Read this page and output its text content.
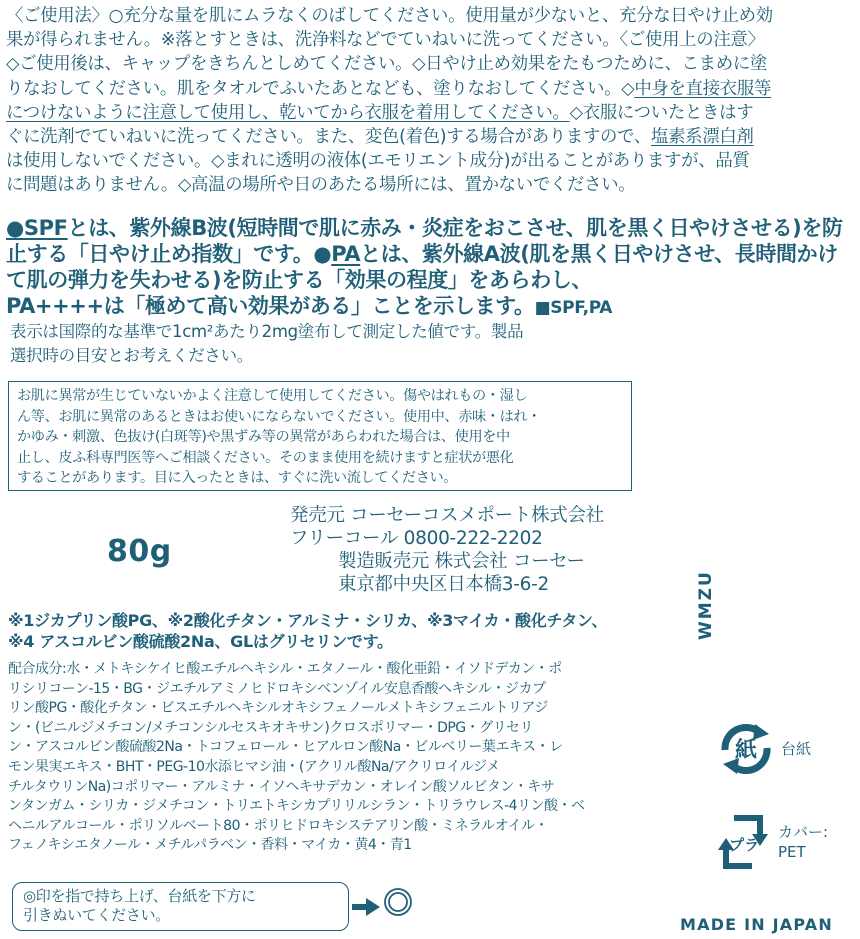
〈ご使用法〉○充分な量を肌にムラなくのばしてください。使用量が少ないと、充分な日やけ止め効
果が得られません。※落とすときは、洗浄料などでていねいに洗ってください。〈ご使用上の注意〉
◇ご使用後は、キャップをきちんとしめてください。◇日やけ止め効果をたもつために、こまめに塗
りなおしてください。肌をタオルでふいたあとなども、塗りなおしてください。◇中身を直接衣服等
につけないように注意して使用し、乾いてから衣服を着用してください。◇衣服についたときはす
ぐに洗剤でていねいに洗ってください。また、変色(着色)する場合がありますので、塩素系漂白剤
は使用しないでください。◇まれに透明の液体(エモリエント成分)が出ることがありますが、品質
に問題はありません。◇高温の場所や日のあたる場所には、置かないでください。
●SPFとは、紫外線B波(短時間で肌に赤み・炎症をおこさせ、肌を黒く日やけさせる)を防
止する「日やけ止め指数」です。●PAとは、紫外線A波(肌を黒く日やけさせ、長時間かけ
て肌の弾力を失わせる)を防止する「効果の程度」をあらわし、
PA++++は「極めて高い効果がある」ことを示します。■SPF,PA
表示は国際的な基準で1cm²あたり2mg塗布して測定した値です。製品
選択時の目安とお考えください。
お肌に異常が生じていないかよく注意して使用してください。傷やはれもの・湿し
ん等、お肌に異常のあるときはお使いにならないでください。使用中、赤味・はれ・
かゆみ・刺激、色抜け(白斑等)や黒ずみ等の異常があらわれた場合は、使用を中
止し、皮ふ科専門医等へご相談ください。そのまま使用を続けますと症状が悪化
することがあります。目に入ったときは、すぐに洗い流してください。
80g
発売元 コーセーコスメポート株式会社
フリーコール 0800-222-2202
製造販売元 株式会社 コーセー
東京都中央区日本橋3-6-2	WMZU
※1ジカプリン酸PG、※2酸化チタン・アルミナ・シリカ、※3マイカ・酸化チタン、
※4 アスコルビン酸硫酸2Na、GLはグリセリンです。
配合成分:水・メトキシケイヒ酸エチルヘキシル・エタノール・酸化亜鉛・イソドデカン・ポ
リシリコーン-15・BG・ジエチルアミノヒドロキシベンゾイル安息香酸ヘキシル・ジカプ
リン酸PG・酸化チタン・ビスエチルヘキシルオキシフェノールメトキシフェニルトリアジ
ン・(ビニルジメチコン/メチコンシルセスキオキサン)クロスポリマー・DPG・グリセリ
ン・アスコルビン酸硫酸2Na・トコフェロール・ヒアルロン酸Na・ビルベリー葉エキス・レ
モン果実エキス・BHT・PEG-10水添ヒマシ油・(アクリル酸Na/アクリロイルジメ
チルタウリンNa)コポリマー・アルミナ・イソヘキサデカン・オレイン酸ソルビタン・キサ
ンタンガム・シリカ・ジメチコン・トリエトキシカプリリルシラン・トリラウレス-4リン酸・ベ
ヘニルアルコール・ポリソルベート80・ポリヒドロキシステアリン酸・ミネラルオイル・
フェノキシエタノール・メチルパラベン・香料・マイカ・黄4・青1
紙 台紙
プラ
カバー:
PET
◎印を指で持ち上げ、台紙を下方に
引きぬいてください。	MADE IN JAPAN
